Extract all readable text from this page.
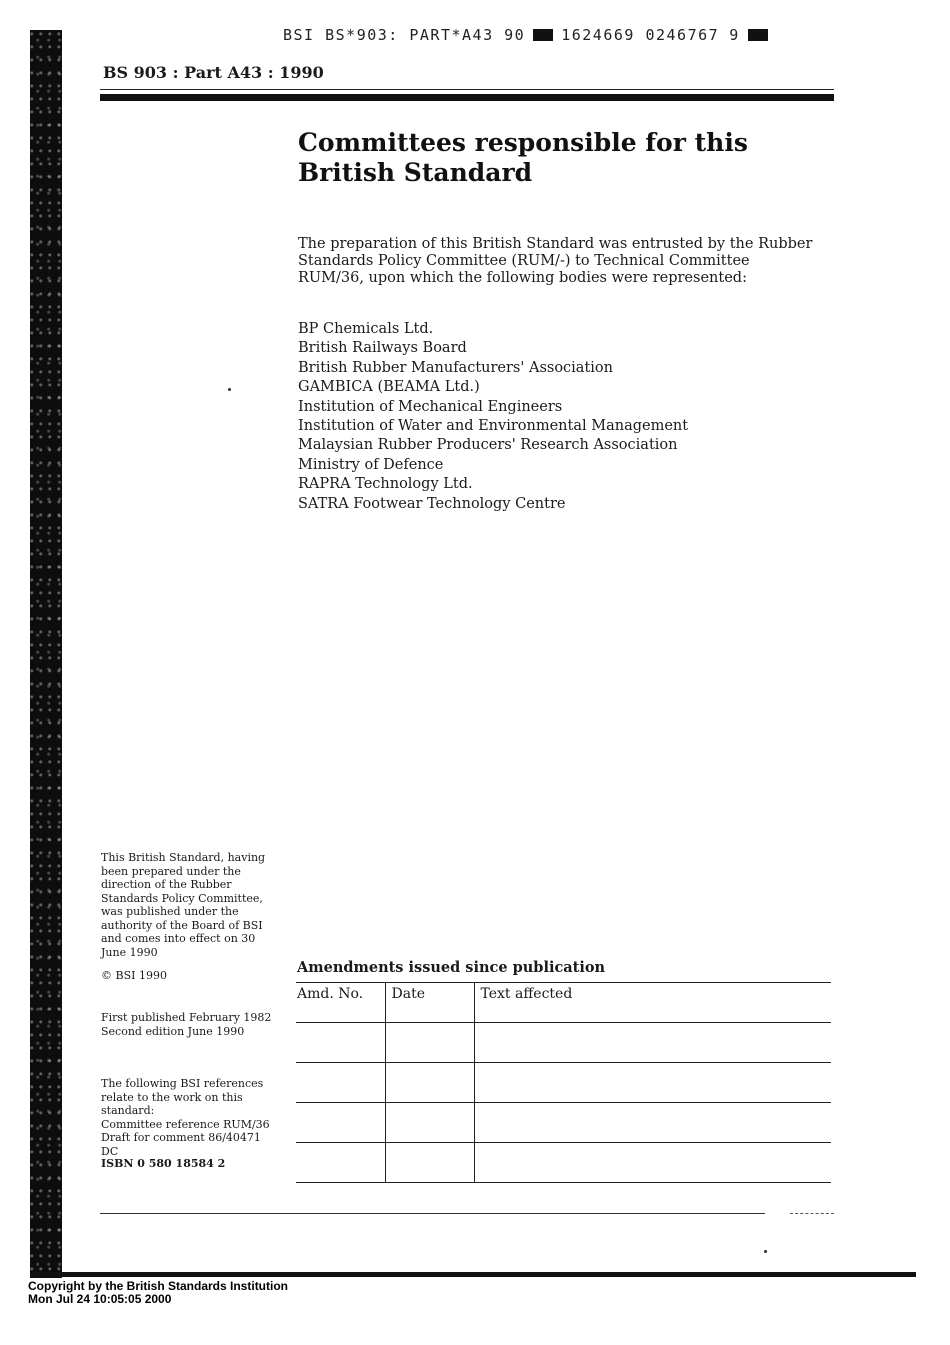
BSI BS*903: PART*A43 90 1624669 0246767 9
BS 903 : Part A43 : 1990
Committees responsible for this
British Standard
The preparation of this British Standard was entrusted by the Rubber Standards Policy Committee (RUM/-) to Technical Committee RUM/36, upon which the following bodies were represented:
BP Chemicals Ltd.
British Railways Board
British Rubber Manufacturers' Association
GAMBICA (BEAMA Ltd.)
Institution of Mechanical Engineers
Institution of Water and Environmental Management
Malaysian Rubber Producers' Research Association
Ministry of Defence
RAPRA Technology Ltd.
SATRA Footwear Technology Centre
This British Standard, having been prepared under the direction of the Rubber Standards Policy Committee, was published under the authority of the Board of BSI and comes into effect on 30 June 1990
© BSI 1990
First published February 1982
Second edition June 1990
The following BSI references relate to the work on this standard:
Committee reference RUM/36
Draft for comment 86/40471 DC
ISBN 0 580 18584 2
Amendments issued since publication
Amd. No.	Date	Text affected

Copyright by the British Standards Institution
Mon Jul 24 10:05:05 2000
